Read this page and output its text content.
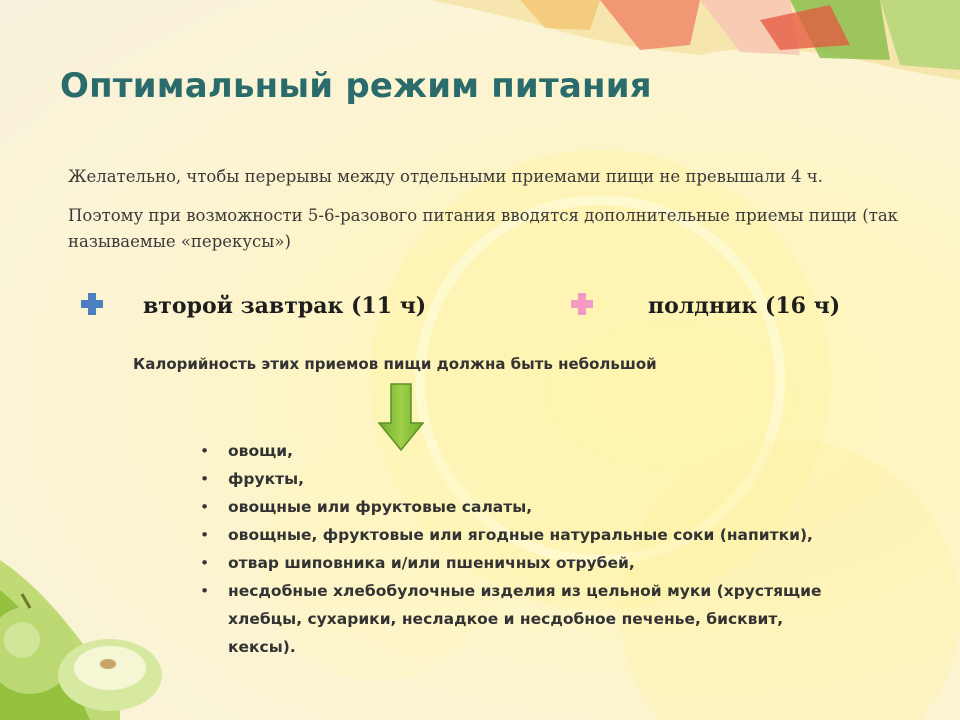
Оптимальный режим питания
Желательно, чтобы перерывы между отдельными приемами пищи не превышали 4 ч.
Поэтому при возможности 5-6-разового питания вводятся дополнительные приемы пищи (так называемые «перекусы»)
второй завтрак (11 ч)	полдник (16 ч)
Калорийность этих приемов пищи должна быть небольшой
• овощи,
• фрукты,
• овощные или фруктовые салаты,
• овощные, фруктовые или ягодные натуральные соки (напитки),
• отвар шиповника и/или пшеничных отрубей,
• несдобные хлебобулочные изделия из цельной муки (хрустящие хлебцы, сухарики, несладкое и несдобное печенье, бисквит, кексы).
